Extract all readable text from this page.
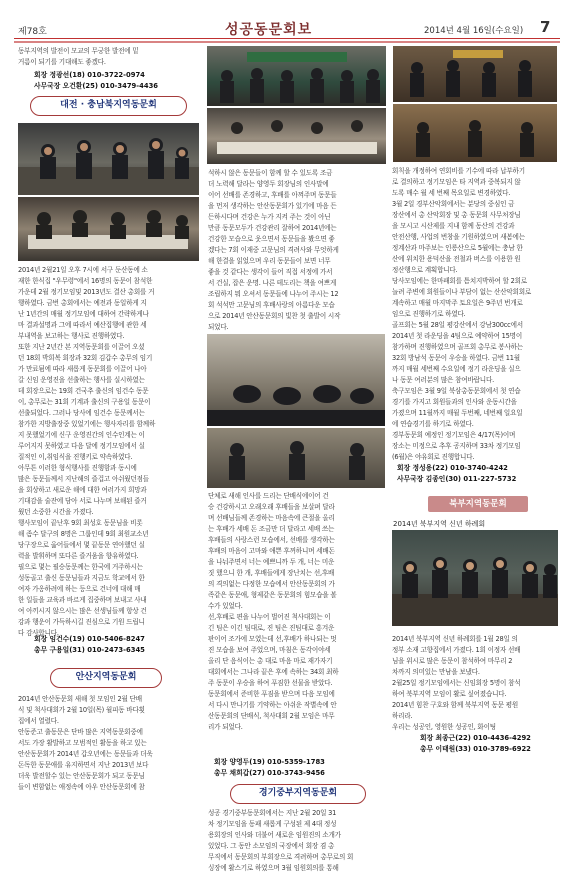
제78호	성공동문회보	2014년 4월 16일(수요일) 7
동부지역의 발전이 모교의 무궁한 발전에 밑
거름이 되기를 기대해도 좋겠다.
회장 정광선(18) 010-3722-0974
사무국장 오건환(25) 010-3479-4436
대전 · 충남북지역동문회
2014년 2월21일 오후 7시에 서구 둔산동에 소
재한 한식집 "우무령"에서 16명의 동문이 참석한
가운데 2월 정기모임및 2013년도 결산 총회를 거
행하였다. 금번 총회에서는 예전과 동일하게 지
난 1년간의 매월 정기모임에 대하여 간략하게나
마 결과설명과 그에 따라서 예산집행에 관한 세
부내역을 보고하는 행사로 진행하였다.
또한 지난 2년간 본 지역동문회를 이끌어 오셨
던 18회 박희복 회장과 32회 김갑수 총무의 임기
가 만료됨에 따라 새롭게 동문회를 이끌어 나아
갈 신임 운영진을 선출하는 행사를 실시하였는
데 회장으로는 19회 건국추 출신의 임건수 동문
이, 총무로는 31회 기계과 출신의 구용일 동문이
선출되었다. 그러나 당사에 임건수 동문께서는
참가한 지방출장중 있었기에는 행사자리를 함께하
지 못했었기에 신구 운영진간의 인수인계는 이
루어지지 못하였고 다음 달에 정기모임에서 실
질적인 이,취임식을 진행키로 약속하였다.
아무튼 이러한 형식행사를 진행함과 동시에
많은 동문들께서 지난해의 즐겁고 아쉬웠던점들
을 회상하고 새로운 해에 대한 여러가지 희망과
기대감을 술잔에 담아 서로 나누며 보해된 즐거
웠던 소중한 시간을 가졌다.
행사모임이 끝난후 9회 최성호 동문님을 비롯
해 좀수 달구의 8명은 그룹인데 9회 최원교소년
당구장으로 옮어들에서 몇 끝동문 연아했던 실
력을 발휘하며 또다른 즐거움을 향유하였다.
필으로 몇는 필승동문께는 한국에 거주하시는
성동골고 출신 동문님들과 지금도 학교에서 한
여자 가옹하려에 하는 등으로 건너에 대해 매
한 일들을 교육과 바르게 집중하며 보내고 사내
여 아끼시지 않으시는 많은 선생님들께 항상 건
강과 행운이 가득하시길 진심으로 기원 드립니
다 감사합니다.
회장 임건수(19) 010-5406-8247
총무 구용일(31) 010-2473-6345
안산지역동문회
2014년 안산동문회 새해 첫 모임인 2월 단배
식 및 척사대회가 2월 10일(목) 월피동 바다횟
집에서 열렸다.
안동준고 출동문은 단바 많은 지역동문회중에
서도 가장 활발하고 모범적인 활동을 하고 있는
안산동문회가 2014년 갑오년에는 동문들과 더욱
돈독한 동문애를 유지하면서 지난 2013년 보다
더욱 발전할수 있는 안산동문회가 되고 동문님
들이 변함없는 애정속에 아우 안산동문회에 참
석하시 않은 동문들이 함께 할 수 있도록 조금
더 노력해 달라는 양영두 회장님의 인사말에
이어 선배를 존경하고, 후배를 아껴주며 동문들
을 먼저 생각하는 안산동문회가 있기에 마음 든
든하시다며 건강은 누가 지켜 주는 것이 아닌
만큼 동문모두가 건강관리 잘하여 2014년에는
건강한 모습으로 웃으면서 동문들을 봤으면 좋
겠다는 7회 이재중 고문님의 격려사와 무엇하게
해 한결을 읽었으며 우리 동문들이 보면 너무
좋을 것 같다는 생각이 들어 직접 서정에 가서
서 건실, 잡은 운명. 나른 테도리는 책을 여쁘게
조립하지 뭐 오셔서 동문들에 나누어 주시는 12
회 석석만 고문님의 후배사랑의 아름다운 모습
으로 2014년 안산동문회의 빛찬 첫 출발이 시작
되었다.
단체로 새해 인사를 드리는 단배식에이어 건
승 건강하시고 오래오래 후배들을 보살펴 달라
며 선배님들께 존경하는 마음속에 큰절을 올리
는 후배가 세배 돈 조금만 더 달라고 세배 쓰는
후배들의 사랑스런 모습에서, 선배를 생각하는
후배의 마음이 고마와 애쁜 후꺼하니며 세배돈
을 나눠주면서 너는 예쁘니까 두 개, 너는 미운
짓 했으니 한 개, 후배들에게 장난치는 선,후배
의 격의없는 다정한 모습에서 안산동문회의 가
족같은 동문애, 형제같은 동문회의 힘모습을 볼
수가 있었다.
선,후배로 편을 나누어 벌어진 척사대회는 이
긴 팀은 이긴 팀대로, 진 팀은 진팀대로 흥겨운
판이어 조가에 모였는데 선,후배가 하나되는 멋
진 모습을 보여 주었으며, 마침은 동각이야세
올리 단 음식이는 총 대로 마음 마로 재가자기
대회에서는 그나라 끝은 후에 속하는 34회 최하
주 동문이 우승을 하여 푸짐한 선물을 받았다.
동문회에서 준비한 푸짐을 받으며 다음 모임에
서 다시 만나기를 기약하는 아쉬운 작별속에 안
산동문회의 단배식, 척사대회 2월 모임은 마무
리가 되었다.
회장 양영두(19) 010-5359-1783
총무 채희갑(27) 010-3743-9456
경기중부지역동문회
성공 경기중부동문회에서는 지난 2월 20일 31
차 정기모임을 동패 새롭게 구성된 제 4대 정성
용회장의 인사와 더불어 새로운 임원진의 소개가
있었다. 그 동안 소모임의 국장에서 회장 겸 총
무직에서 동문회의 부회장으로 격려하며 총무로의 회
싱장에 활스기로 하였으며 3월 임원회의를 통해
회칙을 개정하여 연회비를 기수에 따라 납부하기
로 결의하고 정기모임은 타 지역과 중복되지 않
도록 매수 월 세 번째 목요일로 변경하였다.
3월 2일 경부산악회에서는 분당의 중심인 금
장산에서 총 산악회장 및 총 동문회 사무처장님
을 모시고 시산제를 지내 함께 동산의 건강과
안전산행, 사업의 번창을 기원하였으며 새봄에는
정계산과 마주보는 인릉산으로 5월에는 충남 한
산에 위치한 용덕산을 전철과 버스를 이용한 원
정산행으로 계획합니다.
당사모임에는 한마패회를 틈치지박하여 할 2회로
늘려 주변에 회원들이나 부담이 없는 산산악회회로
계속하고 매월 마지막주 토요일은 9주년 번개로
임으로 진행하기로 하였다.
골프회는 5월 28일 평강산에서 강남300cc에서
2014년 첫 라운딩을 4팀으로 예약하여 15명이
참가하며 진행하였으며 골프회 총무로 봉사하는
32회 방남석 동문이 우승을 하였다. 금번 11월
까지 매월 세번째 수요일에 정기 라운딩을 실으
나 동문 여러분의 많은 참여바랍니다.
축구모임은 3월 9일 북삼총동문회에서 첫 연습
경기를 가지고 회원들과의 인사와 운동시간을
가졌으며 11월까지 매월 두번째, 네번째 일요일
에 연습경기를 하기로 하였다.
경부동문회 예정인 정기모임은 4/17(목)이며
장소는 미정으로 추후 공지하며 33차 정기모임
(6월)은 야유회로 진행합니다.
회장 정성용(22) 010-3740-4242
사무국장 김종인(30) 011-227-5732
북부지역동문회
2014년 북부지역 신년 하례회
2014년 북부지역 신년 하례회를 1월 28일 의
정부 소재 고향집에서 가졌다. 1회 이정자 선배
님을 위시로 많은 동문이 참석하여 마무리 2
차까지 의미있는 만남을 보냈다.
2월25일 정기모임에서는 신임회장 5명이 참석
하여 북부지역 모임이 활로 싶어졌습니다.
2014년 힘찬 구호와 함께 북부지역 동문 평원
하리라.
우리는 성공인, 영원한 성공인, 화이팅
회장 최종근(22) 010-4436-4292
총무 이태원(33) 010-3789-6922
